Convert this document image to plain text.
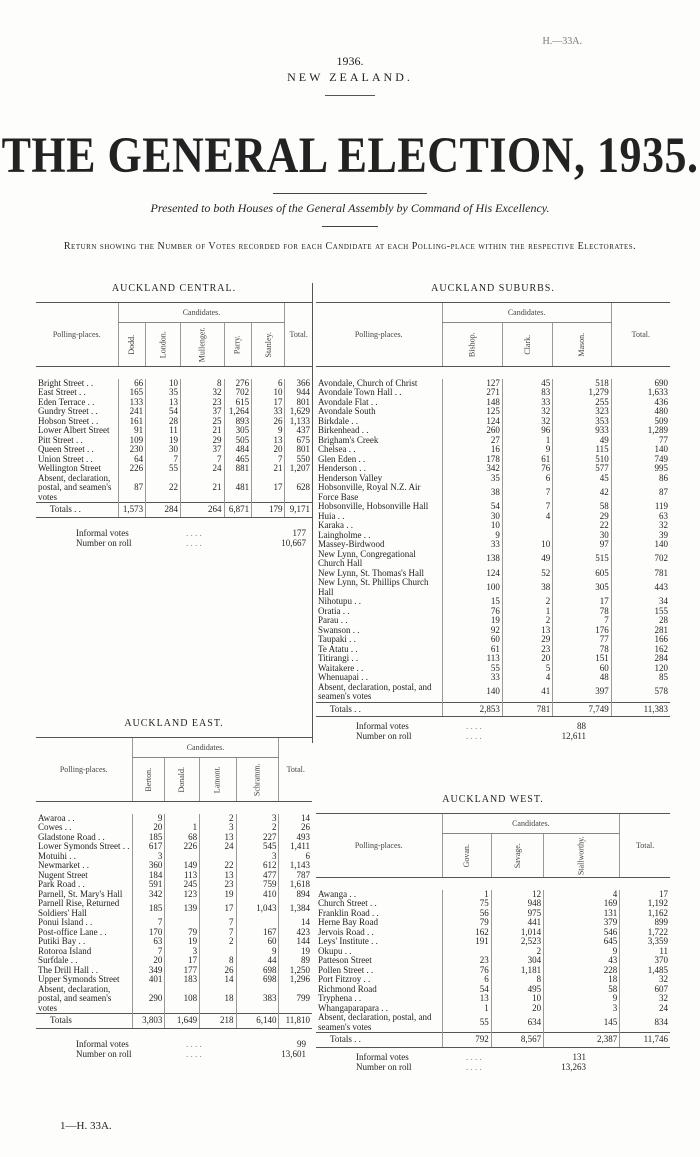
H.—33A.
1936.
NEW ZEALAND.
THE GENERAL ELECTION, 1935.
Presented to both Houses of the General Assembly by Command of His Excellency.
Return showing the Number of Votes recorded for each Candidate at each Polling-place within the respective Electorates.
AUCKLAND CENTRAL.
Polling-places.	Candidates.					Total.
	Dodd.	London.	Mullenger.	Parry.	Stanley.	

Bright Street . .	66	10	8	276	6	366
East Street . .	165	35	32	702	10	944
Eden Terrace . .	133	13	23	615	17	801
Gundry Street . .	241	54	37	1,264	33	1,629
Hobson Street . .	161	28	25	893	26	1,133
Lower Albert Street	91	11	21	305	9	437
Pitt Street . .	109	19	29	505	13	675
Queen Street . .	230	30	37	484	20	801
Union Street . .	64	7	7	465	7	550
Wellington Street	226	55	24	881	21	1,207
Absent, declaration, postal, and seamen's votes	87	22	21	481	17	628
Totals . .	1,573	284	264	6,871	179	9,171
Informal votes	. . . .	177
Number on roll	. . . .	10,667
AUCKLAND SUBURBS.
Polling-places.	Candidates.			Total.
	Bishop.	Clark.	Mason.	

Avondale, Church of Christ	127	45	518	690
Avondale Town Hall . .	271	83	1,279	1,633
Avondale Flat . .	148	33	255	436
Avondale South	125	32	323	480
Birkdale . .	124	32	353	509
Birkenhead . .	260	96	933	1,289
Brigham's Creek	27	1	49	77
Chelsea . .	16	9	115	140
Glen Eden . .	178	61	510	749
Henderson . .	342	76	577	995
Henderson Valley	35	6	45	86
Hobsonville, Royal N.Z. Air Force Base	38	7	42	87
Hobsonville, Hobsonville Hall	54	7	58	119
Huia . .	30	4	29	63
Karaka . .	10		22	32
Laingholme . .	9		30	39
Massey-Birdwood	33	10	97	140
New Lynn, Congregational Church Hall	138	49	515	702
New Lynn, St. Thomas's Hall	124	52	605	781
New Lynn, St. Phillips Church Hall	100	38	305	443
Nihotupu . .	15	2	17	34
Oratia . .	76	1	78	155
Parau . .	19	2	7	28
Swanson . .	92	13	176	281
Taupaki . .	60	29	77	166
Te Atatu . .	61	23	78	162
Titirangi . .	113	20	151	284
Waitakere . .	55	5	60	120
Whenuapai . .	33	4	48	85
Absent, declaration, postal, and seamen's votes	140	41	397	578
Totals . .	2,853	781	7,749	11,383
Informal votes	. . . .	88
Number on roll	. . . .	12,611
AUCKLAND EAST.
Polling-places.	Candidates.				Total.
	Berton.	Donald.	Lamont.	Schramm.	

Awaroa . .	9		2	3	14
Cowes . .	20	1	3	2	26
Gladstone Road . .	185	68	13	227	493
Lower Symonds Street . .	617	226	24	545	1,411
Motuihi . .	3			3	6
Newmarket . .	360	149	22	612	1,143
Nugent Street	184	113	13	477	787
Park Road . .	591	245	23	759	1,618
Parnell, St. Mary's Hall	342	123	19	410	894
Parnell Rise, Returned Soldiers' Hall	185	139	17	1,043	1,384
Ponui Island . .	7		7		14
Post-office Lane . .	170	79	7	167	423
Putiki Bay . .	63	19	2	60	144
Rotoroa Island	7	3		9	19
Surfdale . .	20	17	8	44	89
The Drill Hall . .	349	177	26	698	1,250
Upper Symonds Street	401	183	14	698	1,296
Absent, declaration, postal, and seamen's votes	290	108	18	383	799
Totals	3,803	1,649	218	6,140	11,810
Informal votes	. . . .	99
Number on roll	. . . .	13,601
AUCKLAND WEST.
Polling-places.	Candidates.			Total.
	Govan.	Savage.	Stallworthy.	

Awanga . .	1	12	4	17
Church Street . .	75	948	169	1,192
Franklin Road . .	56	975	131	1,162
Herne Bay Road	79	441	379	899
Jervois Road . .	162	1,014	546	1,722
Leys' Institute . .	191	2,523	645	3,359
Okupu . .		2	9	11
Patteson Street	23	304	43	370
Pollen Street . .	76	1,181	228	1,485
Port Fitzroy . .	6	8	18	32
Richmond Road	54	495	58	607
Tryphena . .	13	10	9	32
Whangaparapara . .	1	20	3	24
Absent, declaration, postal, and seamen's votes	55	634	145	834
Totals . .	792	8,567	2,387	11,746
Informal votes	. . . .	131
Number on roll	. . . .	13,263
1—H. 33A.
